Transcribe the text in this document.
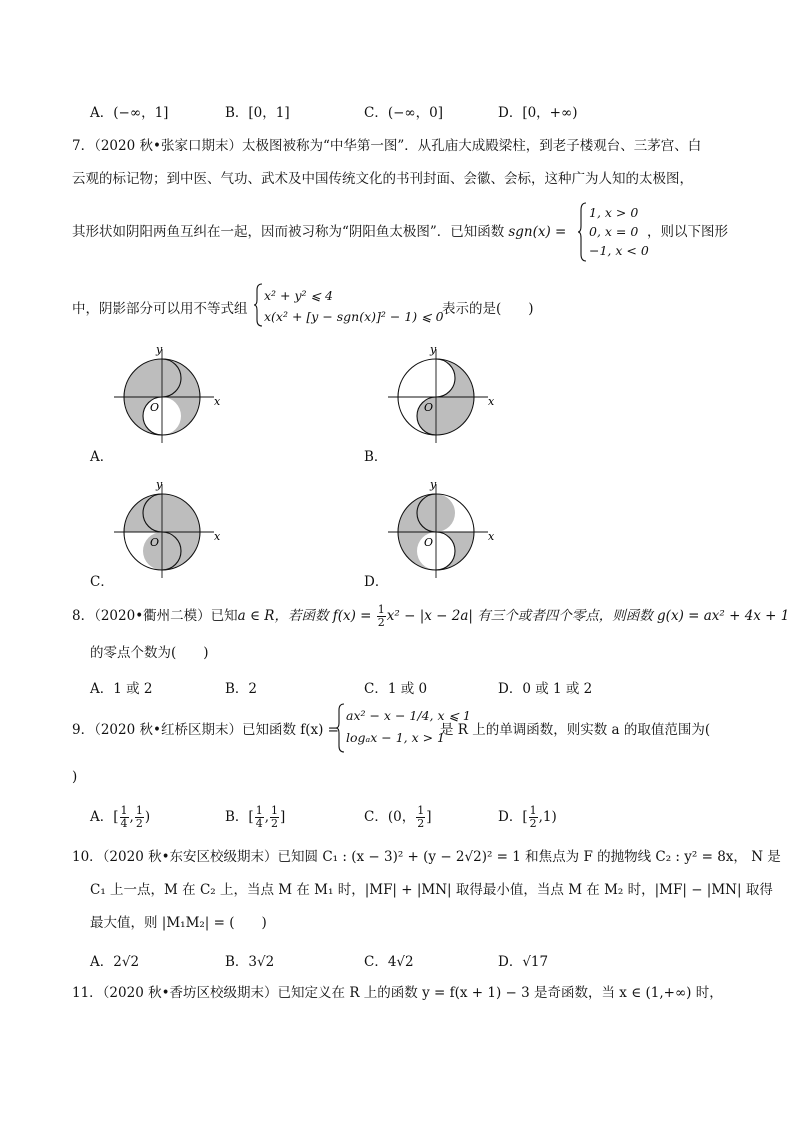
A．(−∞，1]	B．[0，1]	C．(−∞，0]	D．[0，+∞)
7．（2020 秋•张家口期末）太极图被称为“中华第一图”．从孔庙大成殿梁柱，到老子楼观台、三茅宫、白
云观的标记物；到中医、气功、武术及中国传统文化的书刊封面、会徽、会标，这种广为人知的太极图，
其形状如阴阳两鱼互纠在一起，因而被习称为“阴阳鱼太极图”．已知函数 sgn(x) =
1, x > 0
0, x = 0
−1, x < 0
，则以下图形
中，阴影部分可以用不等式组
x² + y² ⩽ 4
x(x² + [y − sgn(x)]² − 1) ⩽ 0
表示的是(　　)
x
y
O
A．
x
y
O
B．
x
y
O
C．
x
y
O
D．
8．（2020•衢州二模）已知a ∈ R，若函数 $f(x) = \frac{1}{2} x^2 - |x - 2a|$ 有三个或者四个零点，则函数 g(x) = ax² + 4x + 1
的零点个数为(　　)
A．1 或 2	B．2	C．1 或 0	D．0 或 1 或 2
9．（2020 秋•红桥区期末）已知函数 f(x) =
ax² − x − 1/4, x ⩽ 1
logₐx − 1, x > 1
是 R 上的单调函数，则实数 a 的取值范围为(
)
A．[ $\frac{1}{4}$ , $\frac{1}{2}$ )	B．[ $\frac{1}{4}$ , $\frac{1}{2}$ ]	C．(0， $\frac{1}{2}$ ]	D．[ $\frac{1}{2} ,1$)
10．（2020 秋•东安区校级期末）已知圆 C₁ : (x − 3)² + (y − 2√2)² = 1 和焦点为 F 的抛物线 C₂ : y² = 8x， N 是
C₁ 上一点，M 在 C₂ 上，当点 M 在 M₁ 时，|MF| + |MN| 取得最小值，当点 M 在 M₂ 时，|MF| − |MN| 取得
最大值，则 |M₁M₂| = (　　)
A．2√2	B．3√2	C．4√2	D．√17
11．（2020 秋•香坊区校级期末）已知定义在 R 上的函数 y = f(x + 1) − 3 是奇函数，当 x ∈ (1,+∞) 时，
